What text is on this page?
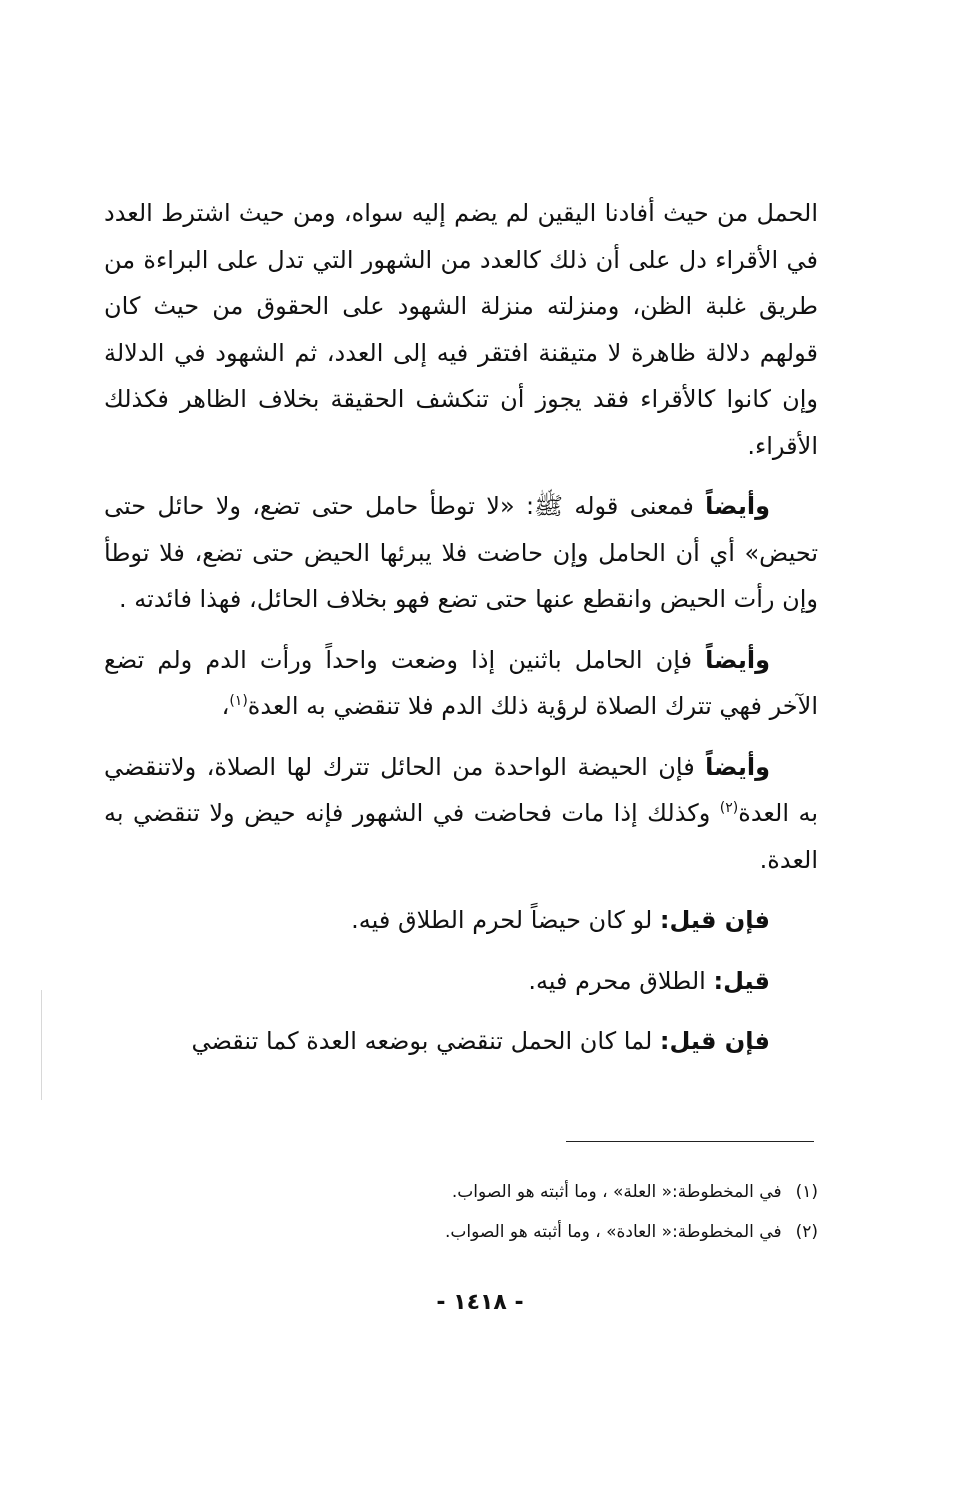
الحمل من حيث أفادنا اليقين لم يضم إليه سواه، ومن حيث اشترط العدد في الأقراء دل على أن ذلك كالعدد من الشهور التي تدل على البراءة من طريق غلبة الظن، ومنزلته منزلة الشهود على الحقوق من حيث كان قولهم دلالة ظاهرة لا متيقنة افتقر فيه إلى العدد، ثم الشهود في الدلالة وإن كانوا كالأقراء فقد يجوز أن تنكشف الحقيقة بخلاف الظاهر فكذلك الأقراء.

وأيضاً فمعنى قوله ﷺ: «لا توطأ حامل حتى تضع، ولا حائل حتى تحيض» أي أن الحامل وإن حاضت فلا يبرئها الحيض حتى تضع، فلا توطأ وإن رأت الحيض وانقطع عنها حتى تضع فهو بخلاف الحائل، فهذا فائدته .

وأيضاً فإن الحامل باثنين إذا وضعت واحداً ورأت الدم ولم تضع الآخر فهي تترك الصلاة لرؤية ذلك الدم فلا تنقضي به العدة$^{(١)}$،

وأيضاً فإن الحيضة الواحدة من الحائل تترك لها الصلاة، ولاتنقضي به العدة$^{(٢)}$ وكذلك إذا مات فحاضت في الشهور فإنه حيض ولا تنقضي به العدة.

فإن قيل: لو كان حيضاً لحرم الطلاق فيه.

قيل: الطلاق محرم فيه.

فإن قيل: لما كان الحمل تنقضي بوضعه العدة كما تنقضي

(١)في المخطوطة:« العلة» ، وما أثبته هو الصواب.
(٢)في المخطوطة:« العادة» ، وما أثبته هو الصواب.
- ١٤١٨ -
